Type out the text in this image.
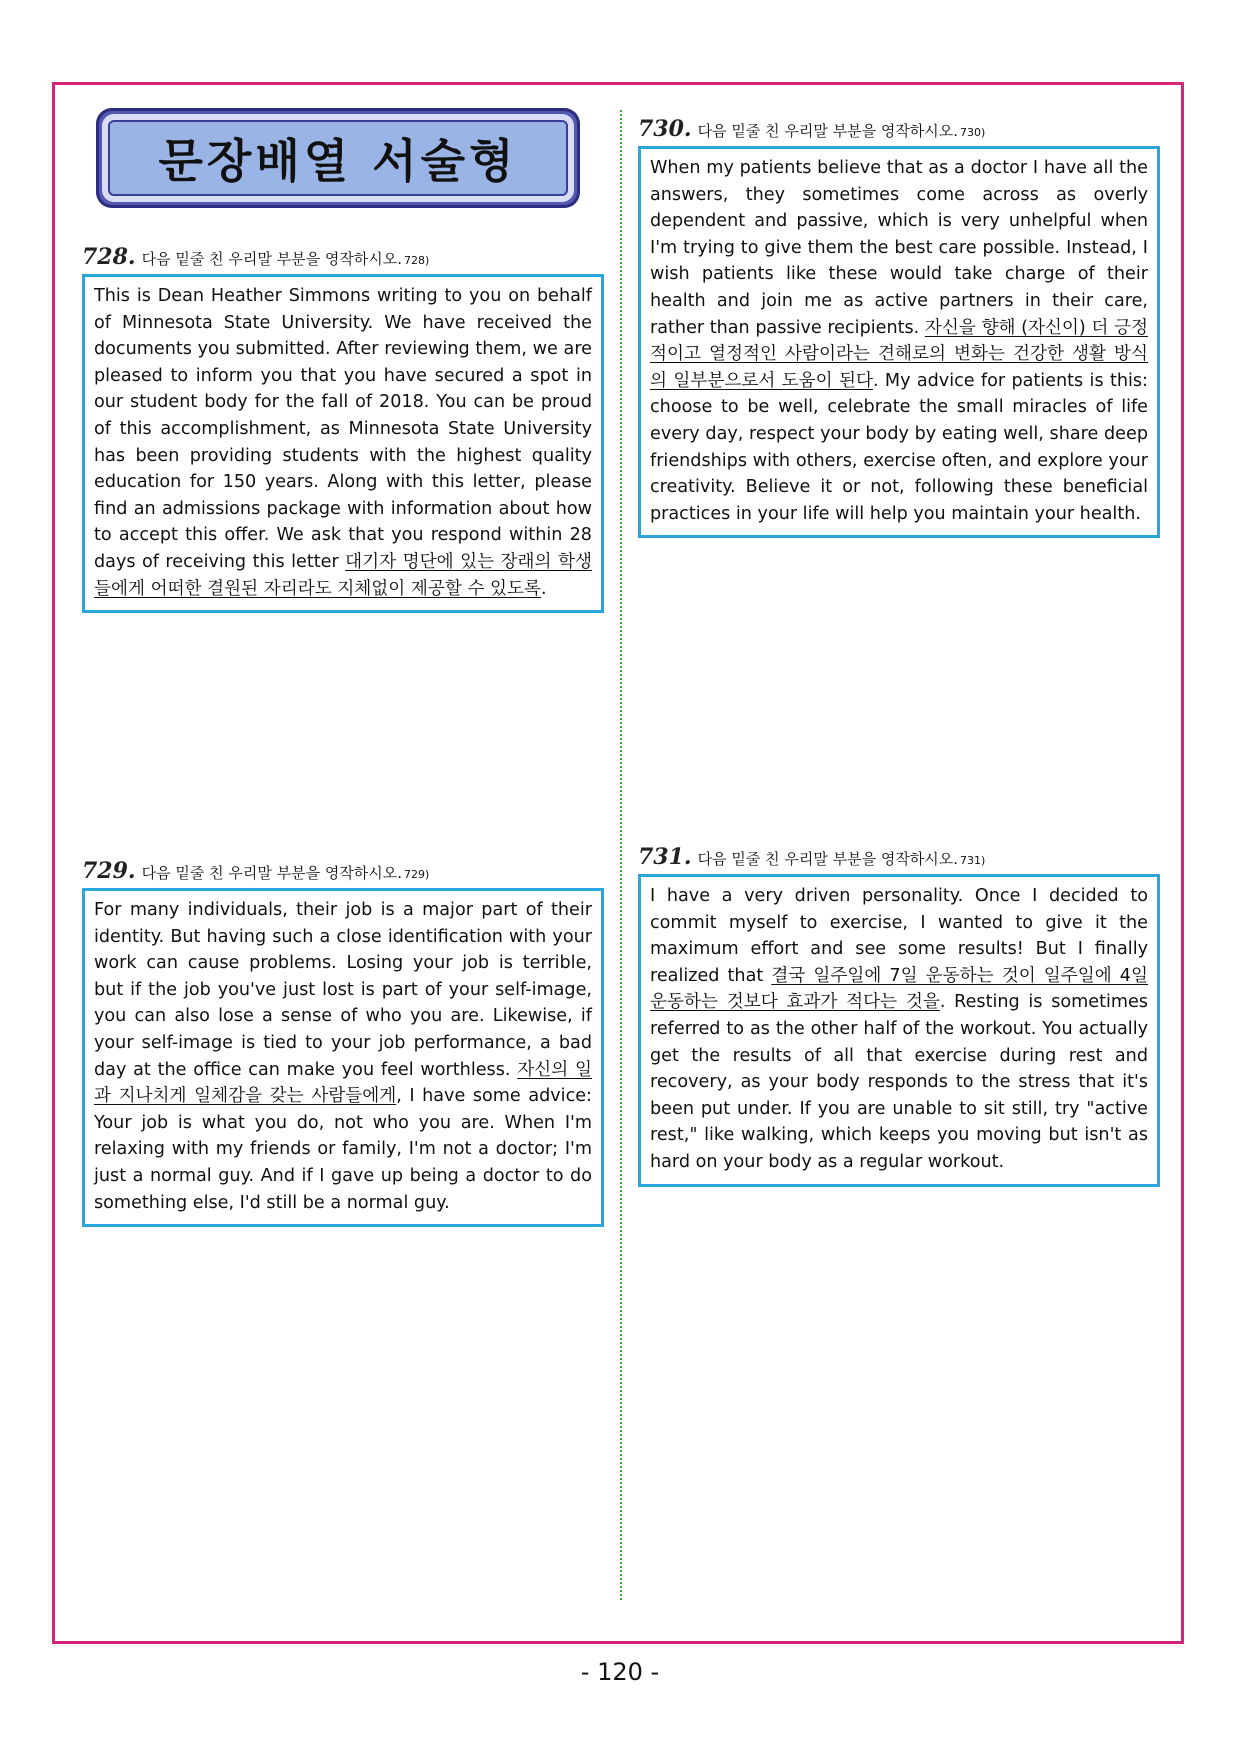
문장배열 서술형
728. 다음 밑줄 친 우리말 부분을 영작하시오. 728)
This is Dean Heather Simmons writing to you on behalf of Minnesota State University. We have received the documents you submitted. After reviewing them, we are pleased to inform you that you have secured a spot in our student body for the fall of 2018. You can be proud of this accomplishment, as Minnesota State University has been providing students with the highest quality education for 150 years. Along with this letter, please find an admissions package with information about how to accept this offer. We ask that you respond within 28 days of receiving this letter 대기자 명단에 있는 장래의 학생들에게 어떠한 결원된 자리라도 지체없이 제공할 수 있도록.
729. 다음 밑줄 친 우리말 부분을 영작하시오. 729)
For many individuals, their job is a major part of their identity. But having such a close identification with your work can cause problems. Losing your job is terrible, but if the job you've just lost is part of your self-image, you can also lose a sense of who you are. Likewise, if your self-image is tied to your job performance, a bad day at the office can make you feel worthless. 자신의 일과 지나치게 일체감을 갖는 사람들에게, I have some advice: Your job is what you do, not who you are. When I'm relaxing with my friends or family, I'm not a doctor; I'm just a normal guy. And if I gave up being a doctor to do something else, I'd still be a normal guy.
730. 다음 밑줄 친 우리말 부분을 영작하시오. 730)
When my patients believe that as a doctor I have all the answers, they sometimes come across as overly dependent and passive, which is very unhelpful when I'm trying to give them the best care possible. Instead, I wish patients like these would take charge of their health and join me as active partners in their care, rather than passive recipients. 자신을 향해 (자신이) 더 긍정적이고 열정적인 사람이라는 견해로의 변화는 건강한 생활 방식의 일부분으로서 도움이 된다. My advice for patients is this: choose to be well, celebrate the small miracles of life every day, respect your body by eating well, share deep friendships with others, exercise often, and explore your creativity. Believe it or not, following these beneficial practices in your life will help you maintain your health.
731. 다음 밑줄 친 우리말 부분을 영작하시오. 731)
I have a very driven personality. Once I decided to commit myself to exercise, I wanted to give it the maximum effort and see some results! But I finally realized that 결국 일주일에 7일 운동하는 것이 일주일에 4일 운동하는 것보다 효과가 적다는 것을. Resting is sometimes referred to as the other half of the workout. You actually get the results of all that exercise during rest and recovery, as your body responds to the stress that it's been put under. If you are unable to sit still, try "active rest," like walking, which keeps you moving but isn't as hard on your body as a regular workout.
- 120 -
